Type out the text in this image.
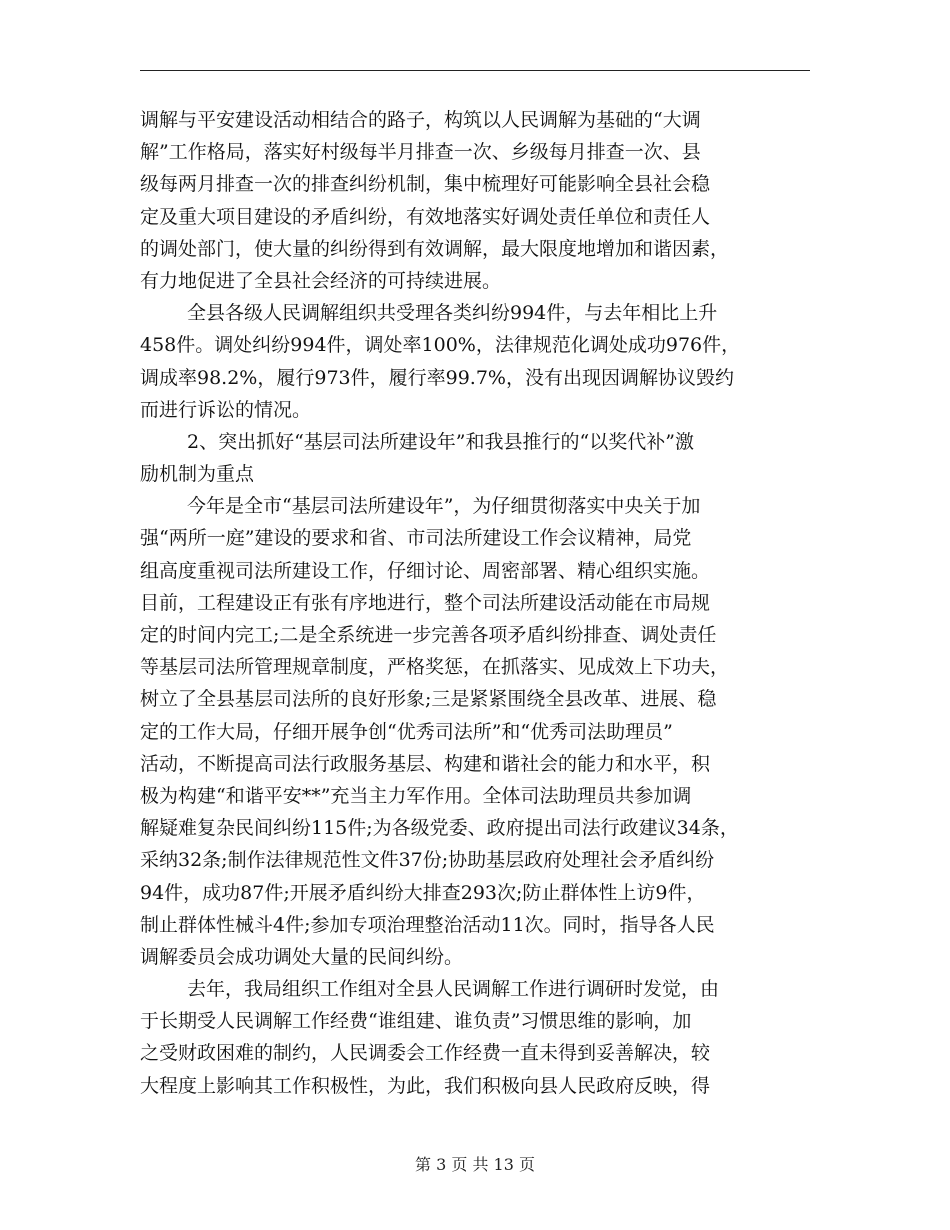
调解与平安建设活动相结合的路子，构筑以人民调解为基础的“大调
解”工作格局，落实好村级每半月排查一次、乡级每月排查一次、县
级每两月排查一次的排查纠纷机制，集中梳理好可能影响全县社会稳
定及重大项目建设的矛盾纠纷，有效地落实好调处责任单位和责任人
的调处部门，使大量的纠纷得到有效调解，最大限度地增加和谐因素，
有力地促进了全县社会经济的可持续进展。
全县各级人民调解组织共受理各类纠纷994件，与去年相比上升
458件。调处纠纷994件，调处率100%，法律规范化调处成功976件，
调成率98.2%，履行973件，履行率99.7%，没有出现因调解协议毁约
而进行诉讼的情况。
2、突出抓好“基层司法所建设年”和我县推行的“以奖代补”激
励机制为重点
今年是全市“基层司法所建设年”，为仔细贯彻落实中央关于加
强“两所一庭”建设的要求和省、市司法所建设工作会议精神，局党
组高度重视司法所建设工作，仔细讨论、周密部署、精心组织实施。
目前，工程建设正有张有序地进行，整个司法所建设活动能在市局规
定的时间内完工;二是全系统进一步完善各项矛盾纠纷排查、调处责任
等基层司法所管理规章制度，严格奖惩，在抓落实、见成效上下功夫，
树立了全县基层司法所的良好形象;三是紧紧围绕全县改革、进展、稳
定的工作大局，仔细开展争创“优秀司法所”和“优秀司法助理员”
活动，不断提高司法行政服务基层、构建和谐社会的能力和水平，积
极为构建“和谐平安**”充当主力军作用。全体司法助理员共参加调
解疑难复杂民间纠纷115件;为各级党委、政府提出司法行政建议34条，
采纳32条;制作法律规范性文件37份;协助基层政府处理社会矛盾纠纷
94件，成功87件;开展矛盾纠纷大排查293次;防止群体性上访9件，
制止群体性械斗4件;参加专项治理整治活动11次。同时，指导各人民
调解委员会成功调处大量的民间纠纷。
去年，我局组织工作组对全县人民调解工作进行调研时发觉，由
于长期受人民调解工作经费“谁组建、谁负责”习惯思维的影响，加
之受财政困难的制约，人民调委会工作经费一直未得到妥善解决，较
大程度上影响其工作积极性，为此，我们积极向县人民政府反映，得
第 3 页 共 13 页
